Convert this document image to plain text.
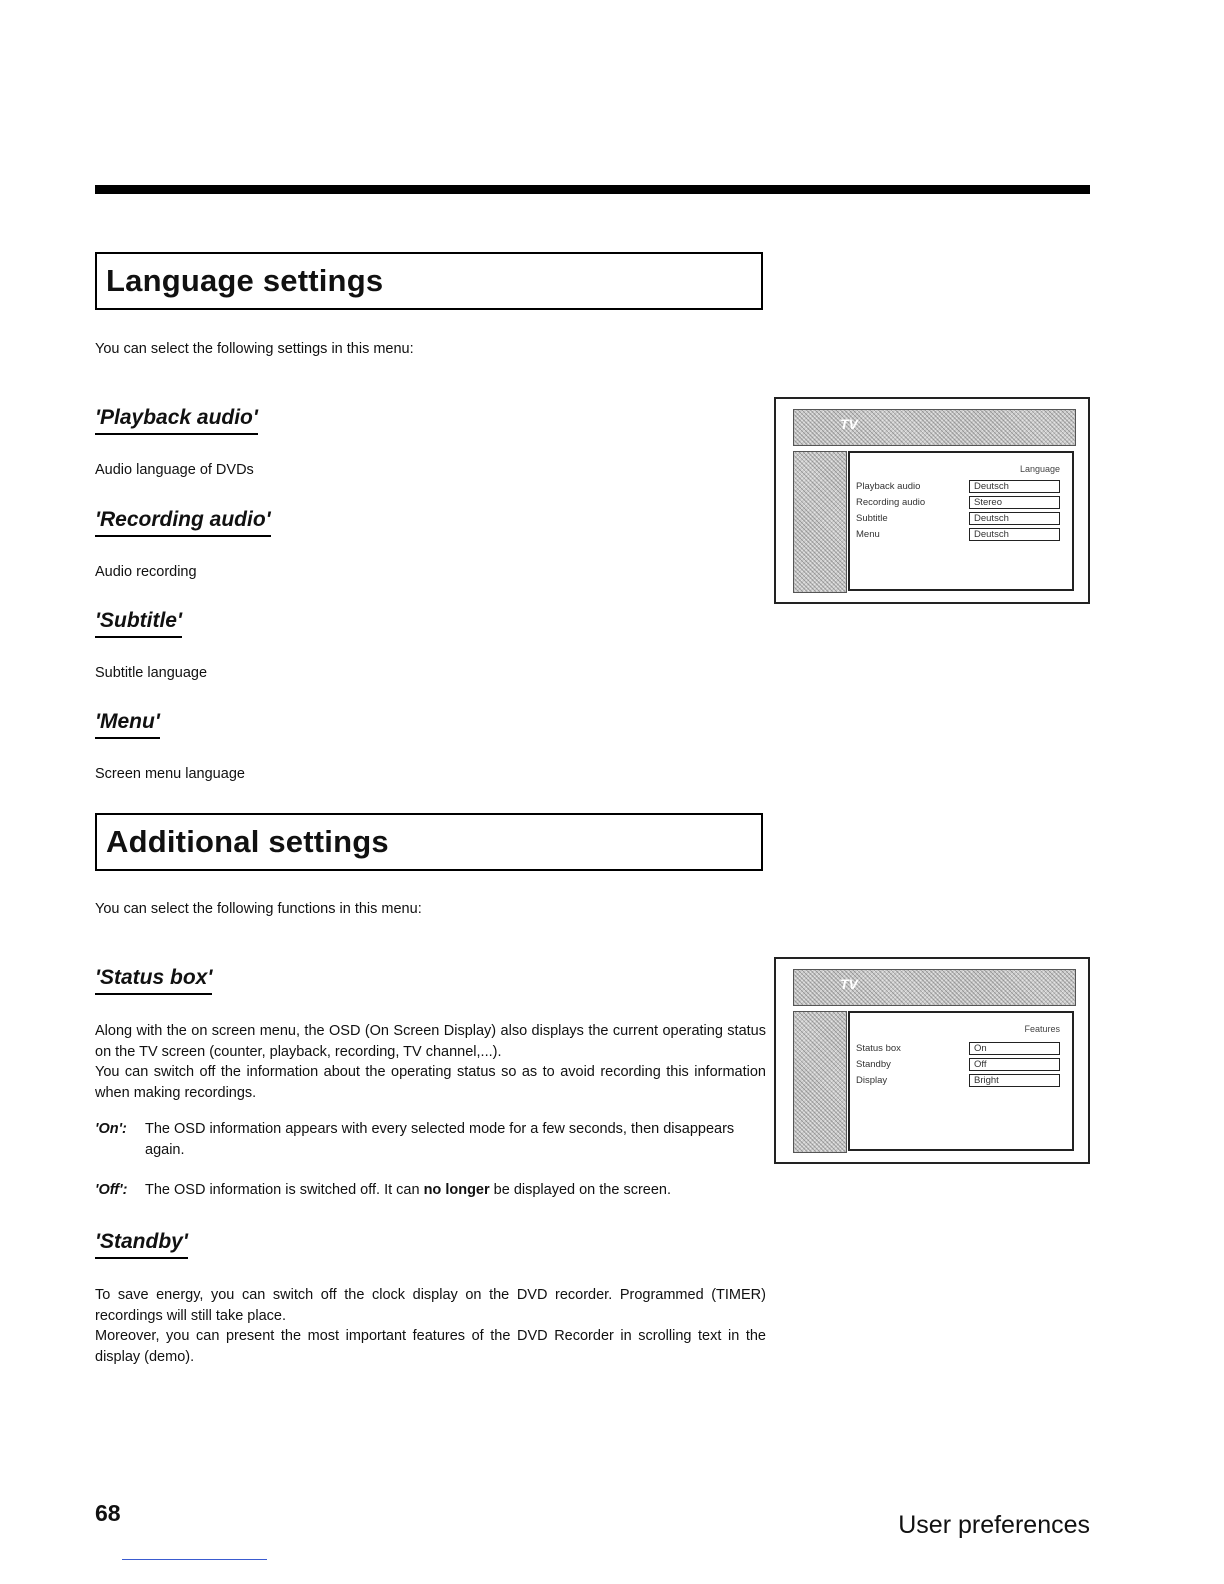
Language settings
You can select the following settings in this menu:
'Playback audio'
Audio language of DVDs
'Recording audio'
Audio recording
'Subtitle'
Subtitle language
'Menu'
Screen menu language
TV
Language
Playback audio	Deutsch
Recording audio	Stereo
Subtitle	Deutsch
Menu	Deutsch
Additional settings
You can select the following functions in this menu:
'Status box'

Along with the on screen menu, the OSD (On Screen Display) also displays the current operating status on the TV screen (counter, playback, recording, TV channel,...).

You can switch off the information about the operating status so as to avoid recording this information when making recordings.

'On': The OSD information appears with every selected mode for a few seconds, then disappears again.
'Off': The OSD information is switched off. It can no longer be displayed on the screen.
'Standby'

To save energy, you can switch off the clock display on the DVD recorder. Programmed (TIMER) recordings will still take place.

Moreover, you can present the most important features of the DVD Recorder in scrolling text in the display (demo).

TV
Features
Status box	On
Standby	Off
Display	Bright
68	User preferences
